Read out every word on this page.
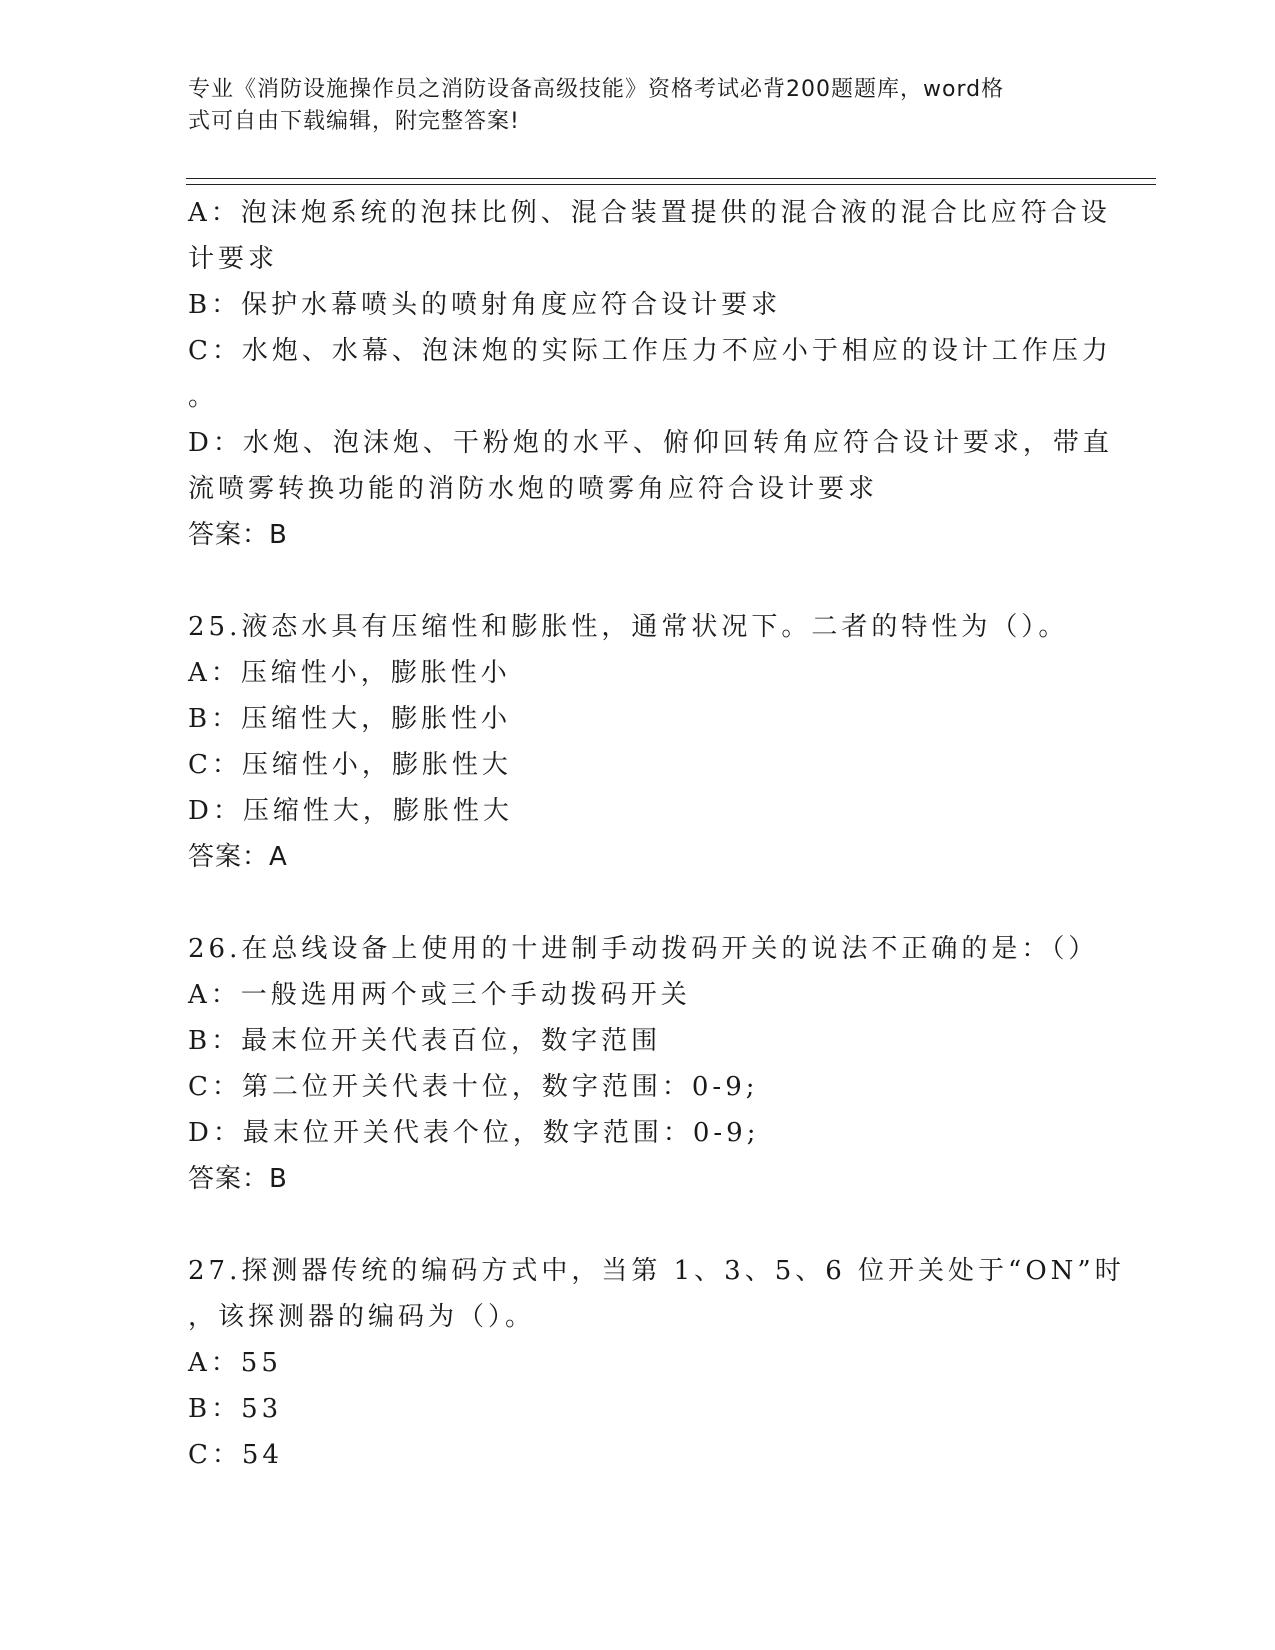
专业《消防设施操作员之消防设备高级技能》资格考试必背200题题库，word格
式可自由下载编辑，附完整答案!
A：泡沫炮系统的泡抹比例、混合装置提供的混合液的混合比应符合设
计要求
B：保护水幕喷头的喷射角度应符合设计要求
C：水炮、水幕、泡沫炮的实际工作压力不应小于相应的设计工作压力
。
D：水炮、泡沫炮、干粉炮的水平、俯仰回转角应符合设计要求，带直
流喷雾转换功能的消防水炮的喷雾角应符合设计要求
答案：B
25.液态水具有压缩性和膨胀性，通常状况下。二者的特性为（）。
A：压缩性小，膨胀性小
B：压缩性大，膨胀性小
C：压缩性小，膨胀性大
D：压缩性大，膨胀性大
答案：A
26.在总线设备上使用的十进制手动拨码开关的说法不正确的是：（）
A：一般选用两个或三个手动拨码开关
B：最末位开关代表百位，数字范围
C：第二位开关代表十位，数字范围：0-9;
D：最末位开关代表个位，数字范围：0-9;
答案：B
27.探测器传统的编码方式中，当第 1、3、5、6 位开关处于“ON”时
，该探测器的编码为（）。
A：55
B：53
C：54
